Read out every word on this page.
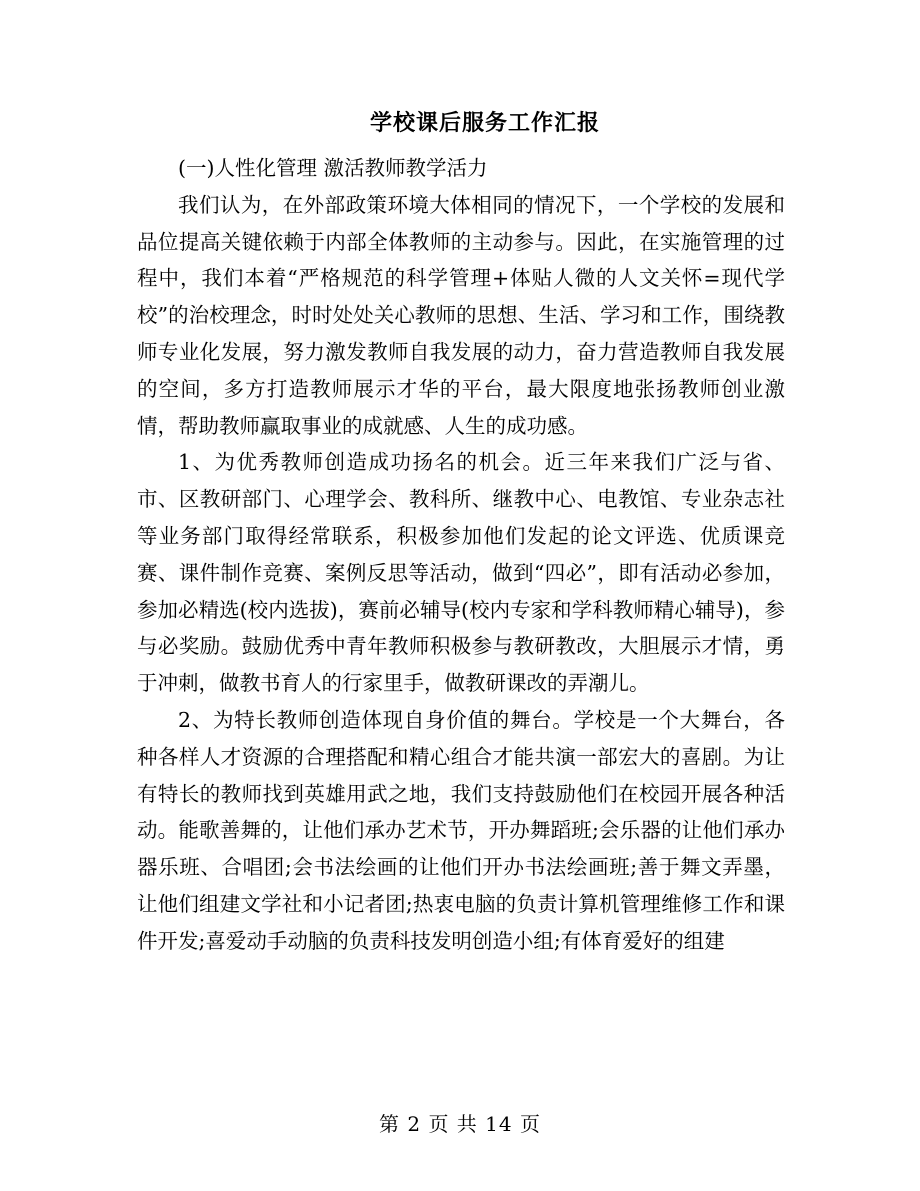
学校课后服务工作汇报

(一)人性化管理 激活教师教学活力

我们认为，在外部政策环境大体相同的情况下，一个学校的发展和品位提高关键依赖于内部全体教师的主动参与。因此，在实施管理的过程中，我们本着“严格规范的科学管理+体贴人微的人文关怀=现代学校”的治校理念，时时处处关心教师的思想、生活、学习和工作，围绕教师专业化发展，努力激发教师自我发展的动力，奋力营造教师自我发展的空间，多方打造教师展示才华的平台，最大限度地张扬教师创业激情，帮助教师赢取事业的成就感、人生的成功感。

1、为优秀教师创造成功扬名的机会。近三年来我们广泛与省、市、区教研部门、心理学会、教科所、继教中心、电教馆、专业杂志社等业务部门取得经常联系，积极参加他们发起的论文评选、优质课竞赛、课件制作竞赛、案例反思等活动，做到“四必”，即有活动必参加，参加必精选(校内选拔)，赛前必辅导(校内专家和学科教师精心辅导)，参与必奖励。鼓励优秀中青年教师积极参与教研教改，大胆展示才情，勇于冲刺，做教书育人的行家里手，做教研课改的弄潮儿。

2、为特长教师创造体现自身价值的舞台。学校是一个大舞台，各种各样人才资源的合理搭配和精心组合才能共演一部宏大的喜剧。为让有特长的教师找到英雄用武之地，我们支持鼓励他们在校园开展各种活动。能歌善舞的，让他们承办艺术节，开办舞蹈班;会乐器的让他们承办器乐班、合唱团;会书法绘画的让他们开办书法绘画班;善于舞文弄墨，让他们组建文学社和小记者团;热衷电脑的负责计算机管理维修工作和课件开发;喜爱动手动脑的负责科技发明创造小组;有体育爱好的组建

第 2 页 共 14 页
